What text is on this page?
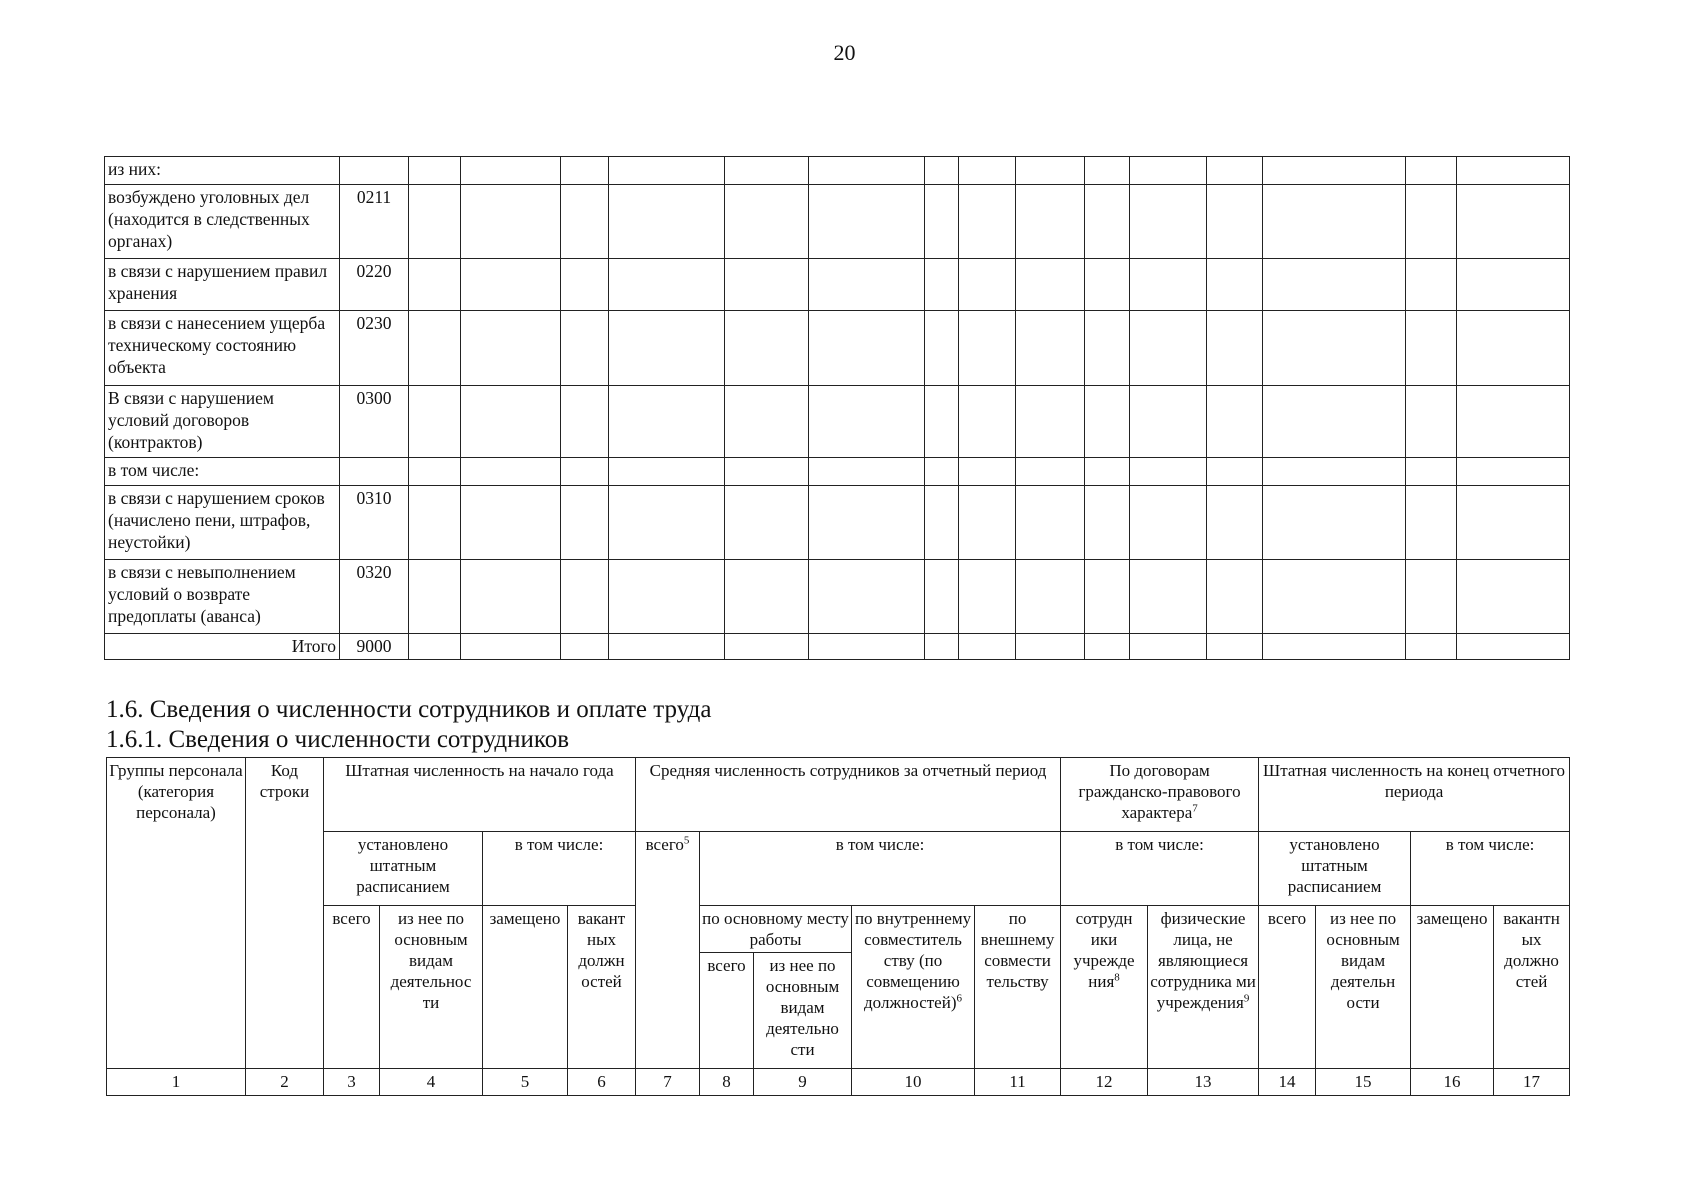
20
из них:																
возбуждено уголовных дел (находится в следственных органах)	0211															
в связи с нарушением правил хранения	0220															
в связи с нанесением ущерба техническому состоянию объекта	0230															
В связи с нарушением условий договоров (контрактов)	0300															
в том числе:																
в связи с нарушением сроков (начислено пени, штрафов, неустойки)	0310															
в связи с невыполнением условий о возврате предоплаты (аванса)	0320															
Итого	9000															
1.6. Сведения о численности сотрудников и оплате труда
1.6.1. Сведения о численности сотрудников
Группы персонала (категория персонала)	Код строки	Штатная численность на начало года				Средняя численность сотрудников за отчетный период					По договорам гражданско-правового характера$^7$		Штатная численность на конец отчетного периода			
		установлено штатным расписанием		в том числе:		всего$^5$	в том числе:				в том числе:		установлено штатным расписанием		в том числе:	
		всего	из нее по основным видам деятельнос ти	замещено	вакант ных должн остей		по основному месту работы		по внутреннему совместитель ству (по совмещению должностей)$^6$	по внешнему совмести тельству	сотрудн ики учрежде ния$^8$	физические лица, не являющиеся сотрудника ми учреждения$^9$	всего	из нее по основным видам деятельн ости	замещено	вакантн ых должно стей
							всего	из нее по основным видам деятельно сти								
1	2	3	4	5	6	7	8	9	10	11	12	13	14	15	16	17
